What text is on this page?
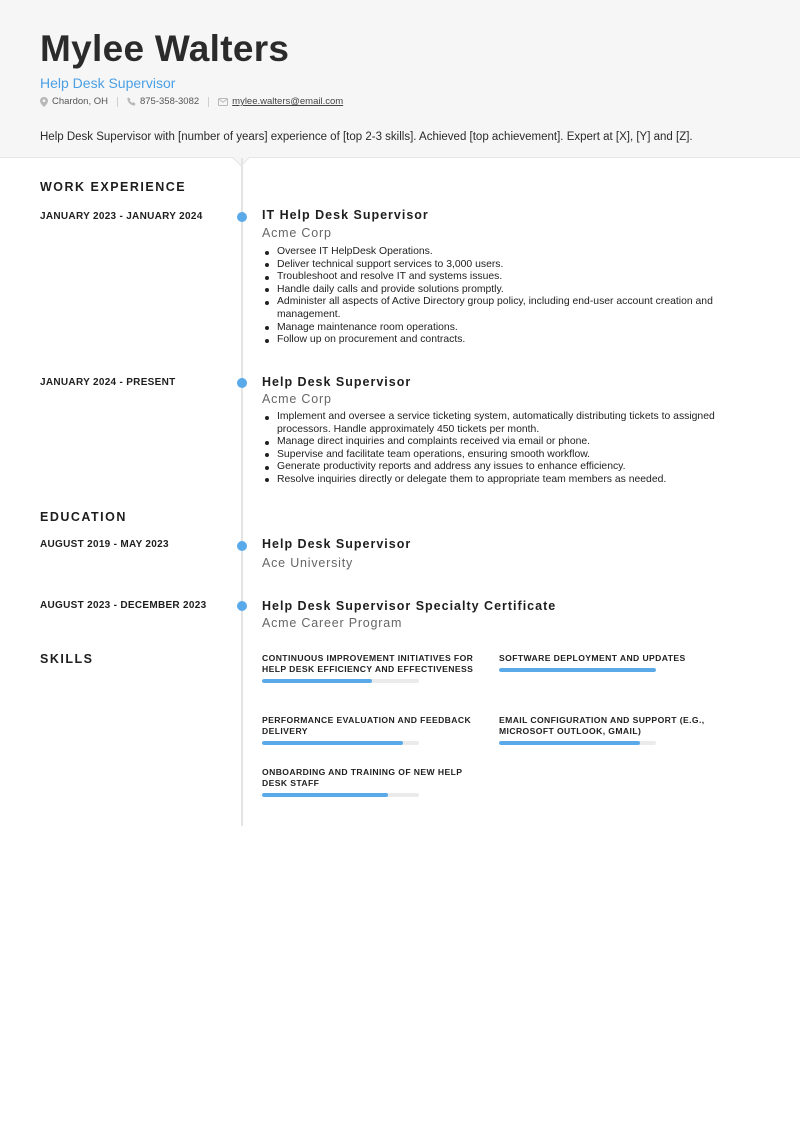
Mylee Walters
Help Desk Supervisor
Chardon, OH	875-358-3082	mylee.walters@email.com
Help Desk Supervisor with [number of years] experience of [top 2-3 skills]. Achieved [top achievement]. Expert at [X], [Y] and [Z].
WORK EXPERIENCE
JANUARY 2023 - JANUARY 2024	IT Help Desk Supervisor
Acme Corp
Oversee IT HelpDesk Operations.
Deliver technical support services to 3,000 users.
Troubleshoot and resolve IT and systems issues.
Handle daily calls and provide solutions promptly.
Administer all aspects of Active Directory group policy, including end-user account creation and management.
Manage maintenance room operations.
Follow up on procurement and contracts.
JANUARY 2024 - PRESENT	Help Desk Supervisor
Acme Corp
Implement and oversee a service ticketing system, automatically distributing tickets to assigned processors. Handle approximately 450 tickets per month.
Manage direct inquiries and complaints received via email or phone.
Supervise and facilitate team operations, ensuring smooth workflow.
Generate productivity reports and address any issues to enhance efficiency.
Resolve inquiries directly or delegate them to appropriate team members as needed.
EDUCATION
AUGUST 2019 - MAY 2023	Help Desk Supervisor
Ace University
AUGUST 2023 - DECEMBER 2023	Help Desk Supervisor Specialty Certificate
Acme Career Program
SKILLS	CONTINUOUS IMPROVEMENT INITIATIVES FOR HELP DESK EFFICIENCY AND EFFECTIVENESS
SOFTWARE DEPLOYMENT AND UPDATES
PERFORMANCE EVALUATION AND FEEDBACK DELIVERY
EMAIL CONFIGURATION AND SUPPORT (E.G., MICROSOFT OUTLOOK, GMAIL)
ONBOARDING AND TRAINING OF NEW HELP DESK STAFF
